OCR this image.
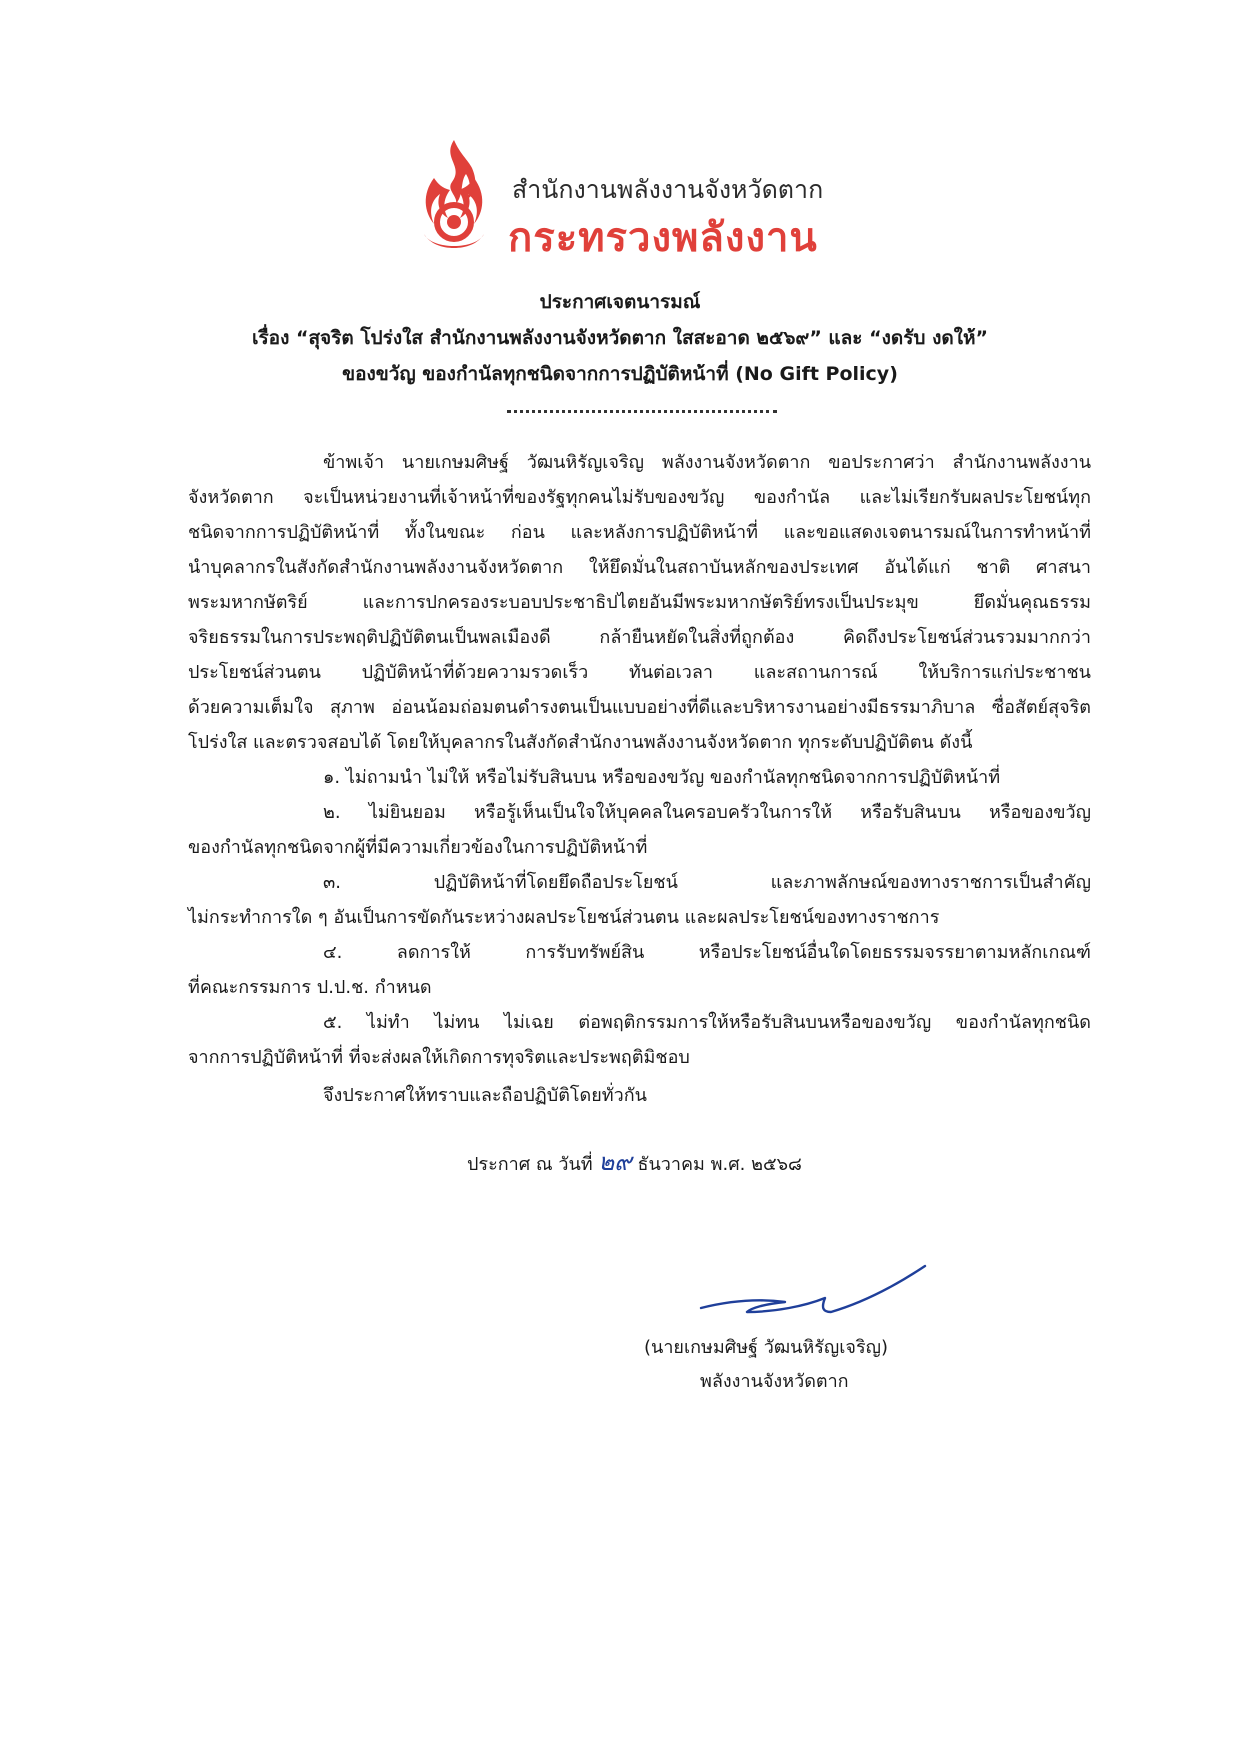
สำนักงานพลังงานจังหวัดตาก
กระทรวงพลังงาน
ประกาศเจตนารมณ์
เรื่อง “สุจริต โปร่งใส สำนักงานพลังงานจังหวัดตาก ใสสะอาด ๒๕๖๙” และ “งดรับ งดให้”
ของขวัญ ของกำนัลทุกชนิดจากการปฏิบัติหน้าที่ (No Gift Policy)
ข้าพเจ้า นายเกษมศิษฐ์ วัฒนหิรัญเจริญ พลังงานจังหวัดตาก ขอประกาศว่า สำนักงานพลังงาน
จังหวัดตาก จะเป็นหน่วยงานที่เจ้าหน้าที่ของรัฐทุกคนไม่รับของขวัญ ของกำนัล และไม่เรียกรับผลประโยชน์ทุก
ชนิดจากการปฏิบัติหน้าที่ ทั้งในขณะ ก่อน และหลังการปฏิบัติหน้าที่ และขอแสดงเจตนารมณ์ในการทำหน้าที่
นำบุคลากรในสังกัดสำนักงานพลังงานจังหวัดตาก ให้ยึดมั่นในสถาบันหลักของประเทศ อันได้แก่ ชาติ ศาสนา
พระมหากษัตริย์ และการปกครองระบอบประชาธิปไตยอันมีพระมหากษัตริย์ทรงเป็นประมุข ยึดมั่นคุณธรรม
จริยธรรมในการประพฤติปฏิบัติตนเป็นพลเมืองดี กล้ายืนหยัดในสิ่งที่ถูกต้อง คิดถึงประโยชน์ส่วนรวมมากกว่า
ประโยชน์ส่วนตน ปฏิบัติหน้าที่ด้วยความรวดเร็ว ทันต่อเวลา และสถานการณ์ ให้บริการแก่ประชาชน
ด้วยความเต็มใจ สุภาพ อ่อนน้อมถ่อมตนดำรงตนเป็นแบบอย่างที่ดีและบริหารงานอย่างมีธรรมาภิบาล ซื่อสัตย์สุจริต
โปร่งใส และตรวจสอบได้ โดยให้บุคลากรในสังกัดสำนักงานพลังงานจังหวัดตาก ทุกระดับปฏิบัติตน ดังนี้
๑. ไม่ถามนำ ไม่ให้ หรือไม่รับสินบน หรือของขวัญ ของกำนัลทุกชนิดจากการปฏิบัติหน้าที่
๒. ไม่ยินยอม หรือรู้เห็นเป็นใจให้บุคคลในครอบครัวในการให้ หรือรับสินบน หรือของขวัญ
ของกำนัลทุกชนิดจากผู้ที่มีความเกี่ยวข้องในการปฏิบัติหน้าที่
๓. ปฏิบัติหน้าที่โดยยึดถือประโยชน์ และภาพลักษณ์ของทางราชการเป็นสำคัญ
ไม่กระทำการใด ๆ อันเป็นการขัดกันระหว่างผลประโยชน์ส่วนตน และผลประโยชน์ของทางราชการ
๔. ลดการให้ การรับทรัพย์สิน หรือประโยชน์อื่นใดโดยธรรมจรรยาตามหลักเกณฑ์
ที่คณะกรรมการ ป.ป.ช. กำหนด
๕. ไม่ทำ ไม่ทน ไม่เฉย ต่อพฤติกรรมการให้หรือรับสินบนหรือของขวัญ ของกำนัลทุกชนิด
จากการปฏิบัติหน้าที่ ที่จะส่งผลให้เกิดการทุจริตและประพฤติมิชอบ
จึงประกาศให้ทราบและถือปฏิบัติโดยทั่วกัน
ประกาศ ณ วันที่ ๒๙ ธันวาคม พ.ศ. ๒๕๖๘
(นายเกษมศิษฐ์ วัฒนหิรัญเจริญ)
พลังงานจังหวัดตาก
